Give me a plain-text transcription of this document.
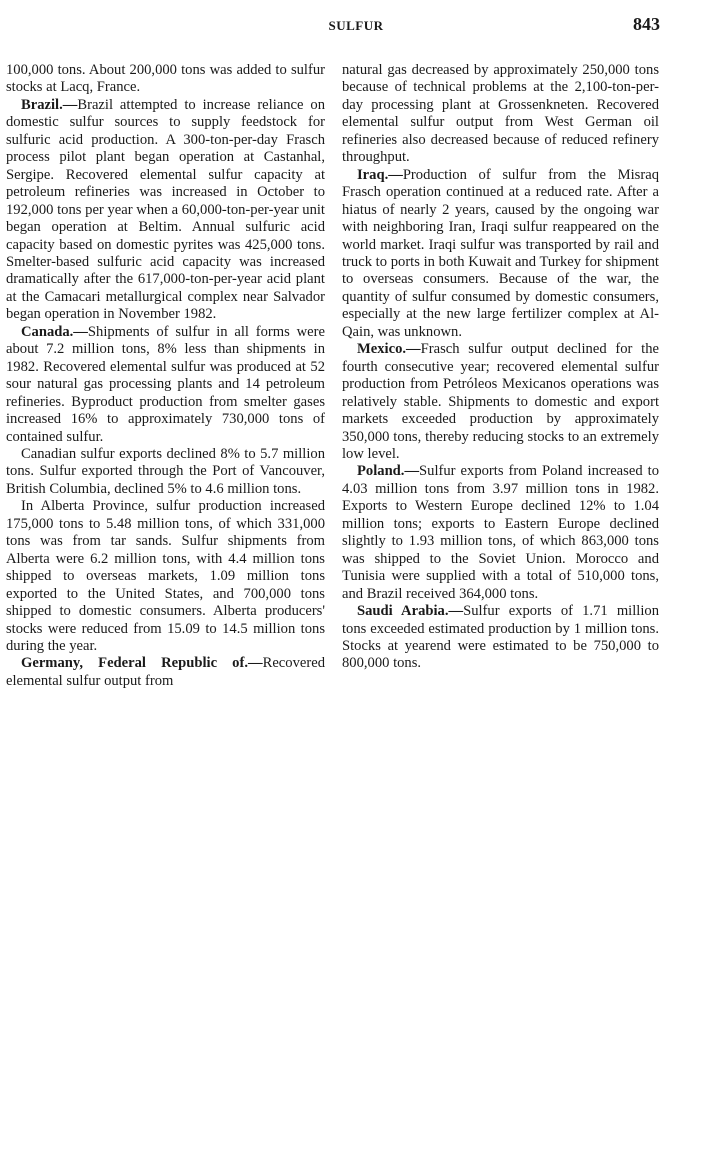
SULFUR	843

100,000 tons. About 200,000 tons was added to sulfur stocks at Lacq, France.

Brazil.—Brazil attempted to increase reliance on domestic sulfur sources to supply feedstock for sulfuric acid production. A 300-ton-per-day Frasch process pilot plant began operation at Castanhal, Sergipe. Recovered elemental sulfur capacity at petroleum refineries was increased in October to 192,000 tons per year when a 60,000-ton-per-year unit began operation at Beltim. Annual sulfuric acid capacity based on domestic pyrites was 425,000 tons. Smelter-based sulfuric acid capacity was increased dramatically after the 617,000-ton-per-year acid plant at the Camacari metallurgical complex near Salvador began operation in November 1982.

Canada.—Shipments of sulfur in all forms were about 7.2 million tons, 8% less than shipments in 1982. Recovered elemental sulfur was produced at 52 sour natural gas processing plants and 14 petroleum refineries. Byproduct production from smelter gases increased 16% to approximately 730,000 tons of contained sulfur.

Canadian sulfur exports declined 8% to 5.7 million tons. Sulfur exported through the Port of Vancouver, British Columbia, declined 5% to 4.6 million tons.

In Alberta Province, sulfur production increased 175,000 tons to 5.48 million tons, of which 331,000 tons was from tar sands. Sulfur shipments from Alberta were 6.2 million tons, with 4.4 million tons shipped to overseas markets, 1.09 million tons exported to the United States, and 700,000 tons shipped to domestic consumers. Alberta producers' stocks were reduced from 15.09 to 14.5 million tons during the year.

Germany, Federal Republic of.—Recovered elemental sulfur output from

natural gas decreased by approximately 250,000 tons because of technical problems at the 2,100-ton-per-day processing plant at Grossenkneten. Recovered elemental sulfur output from West German oil refineries also decreased because of reduced refinery throughput.

Iraq.—Production of sulfur from the Misraq Frasch operation continued at a reduced rate. After a hiatus of nearly 2 years, caused by the ongoing war with neighboring Iran, Iraqi sulfur reappeared on the world market. Iraqi sulfur was transported by rail and truck to ports in both Kuwait and Turkey for shipment to overseas consumers. Because of the war, the quantity of sulfur consumed by domestic consumers, especially at the new large fertilizer complex at Al-Qain, was unknown.

Mexico.—Frasch sulfur output declined for the fourth consecutive year; recovered elemental sulfur production from Petróleos Mexicanos operations was relatively stable. Shipments to domestic and export markets exceeded production by approximately 350,000 tons, thereby reducing stocks to an extremely low level.

Poland.—Sulfur exports from Poland increased to 4.03 million tons from 3.97 million tons in 1982. Exports to Western Europe declined 12% to 1.04 million tons; exports to Eastern Europe declined slightly to 1.93 million tons, of which 863,000 tons was shipped to the Soviet Union. Morocco and Tunisia were supplied with a total of 510,000 tons, and Brazil received 364,000 tons.

Saudi Arabia.—Sulfur exports of 1.71 million tons exceeded estimated production by 1 million tons. Stocks at yearend were estimated to be 750,000 to 800,000 tons.
